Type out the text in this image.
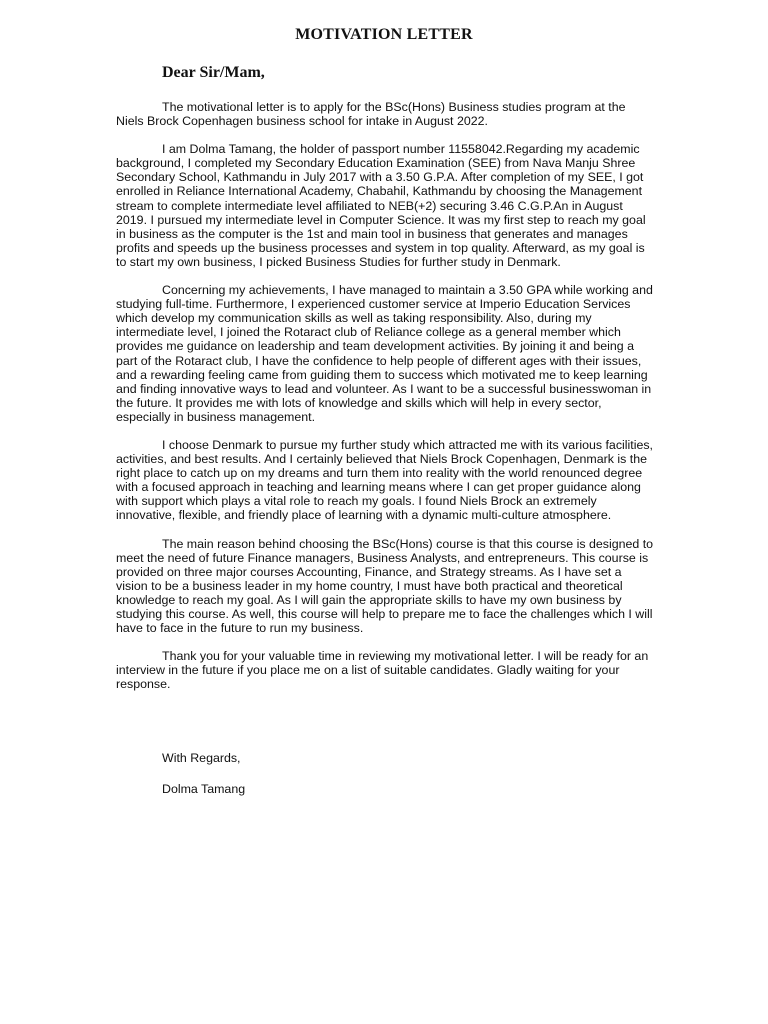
MOTIVATION LETTER
Dear Sir/Mam,

The motivational letter is to apply for the BSc(Hons) Business studies program at the Niels Brock Copenhagen business school for intake in August 2022.

I am Dolma Tamang, the holder of passport number 11558042.Regarding my academic background, I completed my Secondary Education Examination (SEE) from Nava Manju Shree Secondary School, Kathmandu in July 2017 with a 3.50 G.P.A. After completion of my SEE, I got enrolled in Reliance International Academy, Chabahil, Kathmandu by choosing the Management stream to complete intermediate level affiliated to NEB(+2) securing 3.46 C.G.P.An in August 2019. I pursued my intermediate level in Computer Science. It was my first step to reach my goal in business as the computer is the 1st and main tool in business that generates and manages profits and speeds up the business processes and system in top quality. Afterward, as my goal is to start my own business, I picked Business Studies for further study in Denmark.

Concerning my achievements, I have managed to maintain a 3.50 GPA while working and studying full-time. Furthermore, I experienced customer service at Imperio Education Services which develop my communication skills as well as taking responsibility. Also, during my intermediate level, I joined the Rotaract club of Reliance college as a general member which provides me guidance on leadership and team development activities. By joining it and being a part of the Rotaract club, I have the confidence to help people of different ages with their issues, and a rewarding feeling came from guiding them to success which motivated me to keep learning and finding innovative ways to lead and volunteer. As I want to be a successful businesswoman in the future. It provides me with lots of knowledge and skills which will help in every sector, especially in business management.

I choose Denmark to pursue my further study which attracted me with its various facilities, activities, and best results. And I certainly believed that Niels Brock Copenhagen, Denmark is the right place to catch up on my dreams and turn them into reality with the world renounced degree with a focused approach in teaching and learning means where I can get proper guidance along with support which plays a vital role to reach my goals. I found Niels Brock an extremely innovative, flexible, and friendly place of learning with a dynamic multi-culture atmosphere.

The main reason behind choosing the BSc(Hons) course is that this course is designed to meet the need of future Finance managers, Business Analysts, and entrepreneurs. This course is provided on three major courses Accounting, Finance, and Strategy streams. As I have set a vision to be a business leader in my home country, I must have both practical and theoretical knowledge to reach my goal. As I will gain the appropriate skills to have my own business by studying this course. As well, this course will help to prepare me to face the challenges which I will have to face in the future to run my business.

Thank you for your valuable time in reviewing my motivational letter. I will be ready for an interview in the future if you place me on a list of suitable candidates. Gladly waiting for your response.

With Regards,

Dolma Tamang
